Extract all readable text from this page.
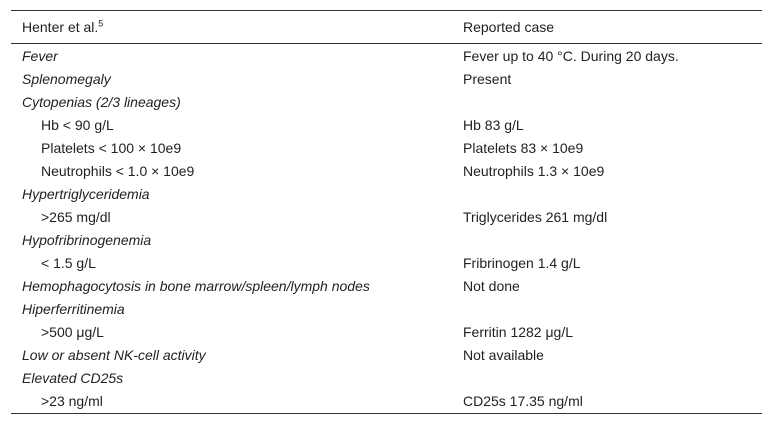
Henter et al.$^5$	Reported case
Fever	Fever up to 40 °C. During 20 days.
Splenomegaly	Present
Cytopenias (2/3 lineages)	
Hb < 90 g/L	Hb 83 g/L
Platelets < 100 × 10e9	Platelets 83 × 10e9
Neutrophils < 1.0 × 10e9	Neutrophils 1.3 × 10e9
Hypertriglyceridemia	
>265 mg/dl	Triglycerides 261 mg/dl
Hypofribrinogenemia	
< 1.5 g/L	Fribrinogen 1.4 g/L
Hemophagocytosis in bone marrow/spleen/lymph nodes	Not done
Hiperferritinemia	
>500 μg/L	Ferritin 1282 μg/L
Low or absent NK-cell activity	Not available
Elevated CD25s	
>23 ng/ml	CD25s 17.35 ng/ml
